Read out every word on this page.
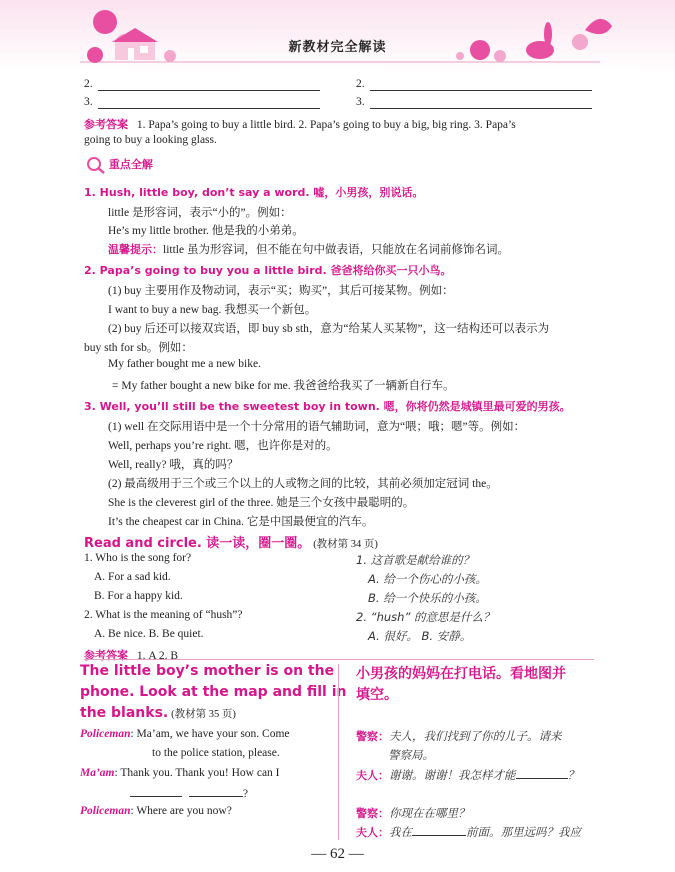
新教材完全解读
2.
3.
2.
3.
参考答案 1. Papa’s going to buy a little bird. 2. Papa’s going to buy a big, big ring. 3. Papa’s
going to buy a looking glass.
重点全解
1. Hush, little boy, don’t say a word. 嘘，小男孩，别说话。
little 是形容词，表示“小的”。例如：
He’s my little brother. 他是我的小弟弟。
温馨提示：little 虽为形容词，但不能在句中做表语，只能放在名词前修饰名词。
2. Papa’s going to buy you a little bird. 爸爸将给你买一只小鸟。
(1) buy 主要用作及物动词，表示“买；购买”，其后可接某物。例如：
I want to buy a new bag. 我想买一个新包。
(2) buy 后还可以接双宾语，即 buy sb sth，意为“给某人买某物”，这一结构还可以表示为
buy sth for sb。例如：
My father bought me a new bike.
= My father bought a new bike for me. 我爸爸给我买了一辆新自行车。
3. Well, you’ll still be the sweetest boy in town. 嗯，你将仍然是城镇里最可爱的男孩。
(1) well 在交际用语中是一个十分常用的语气辅助词，意为“喂；哦；嗯”等。例如：
Well, perhaps you’re right. 嗯，也许你是对的。
Well, really? 哦，真的吗？
(2) 最高级用于三个或三个以上的人或物之间的比较，其前必须加定冠词 the。
She is the cleverest girl of the three. 她是三个女孩中最聪明的。
It’s the cheapest car in China. 它是中国最便宜的汽车。
Read and circle. 读一读，圈一圈。 (教材第 34 页)
1. Who is the song for?
A. For a sad kid.
B. For a happy kid.
2. What is the meaning of “hush”?
A. Be nice. B. Be quiet.
参考答案 1. A 2. B
1. 这首歌是献给谁的？
A. 给一个伤心的小孩。
B. 给一个快乐的小孩。
2. “hush” 的意思是什么？
A. 很好。 B. 安静。
The little boy’s mother is on the
phone. Look at the map and fill in
the blanks. (教材第 35 页)
Policeman: Ma’am, we have your son. Come
to the police station, please.
Ma’am: Thank you. Thank you! How can I
?
Policeman: Where are you now?
小男孩的妈妈在打电话。看地图并
填空。
警察：夫人，我们找到了你的儿子。请来
警察局。
夫人：谢谢。谢谢！我怎样才能	？
警察：你现在在哪里？
夫人：我在	前面。那里远吗？我应
— 62 —
